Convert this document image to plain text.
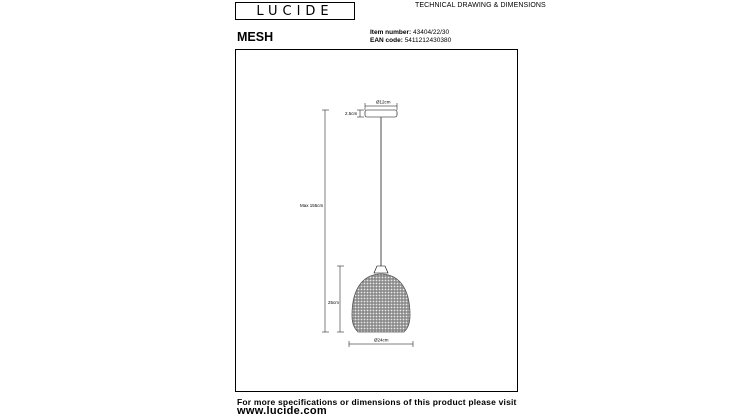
LUCIDE	TECHNICAL DRAWING & DIMENSIONS
MESH	Item number: 43404/22/30
EAN code: 5411212430380
Ø12cm
2.5cm
Max 155cm
25cm
Ø24cm
For more specifications or dimensions of this product please visit
www.lucide.com
